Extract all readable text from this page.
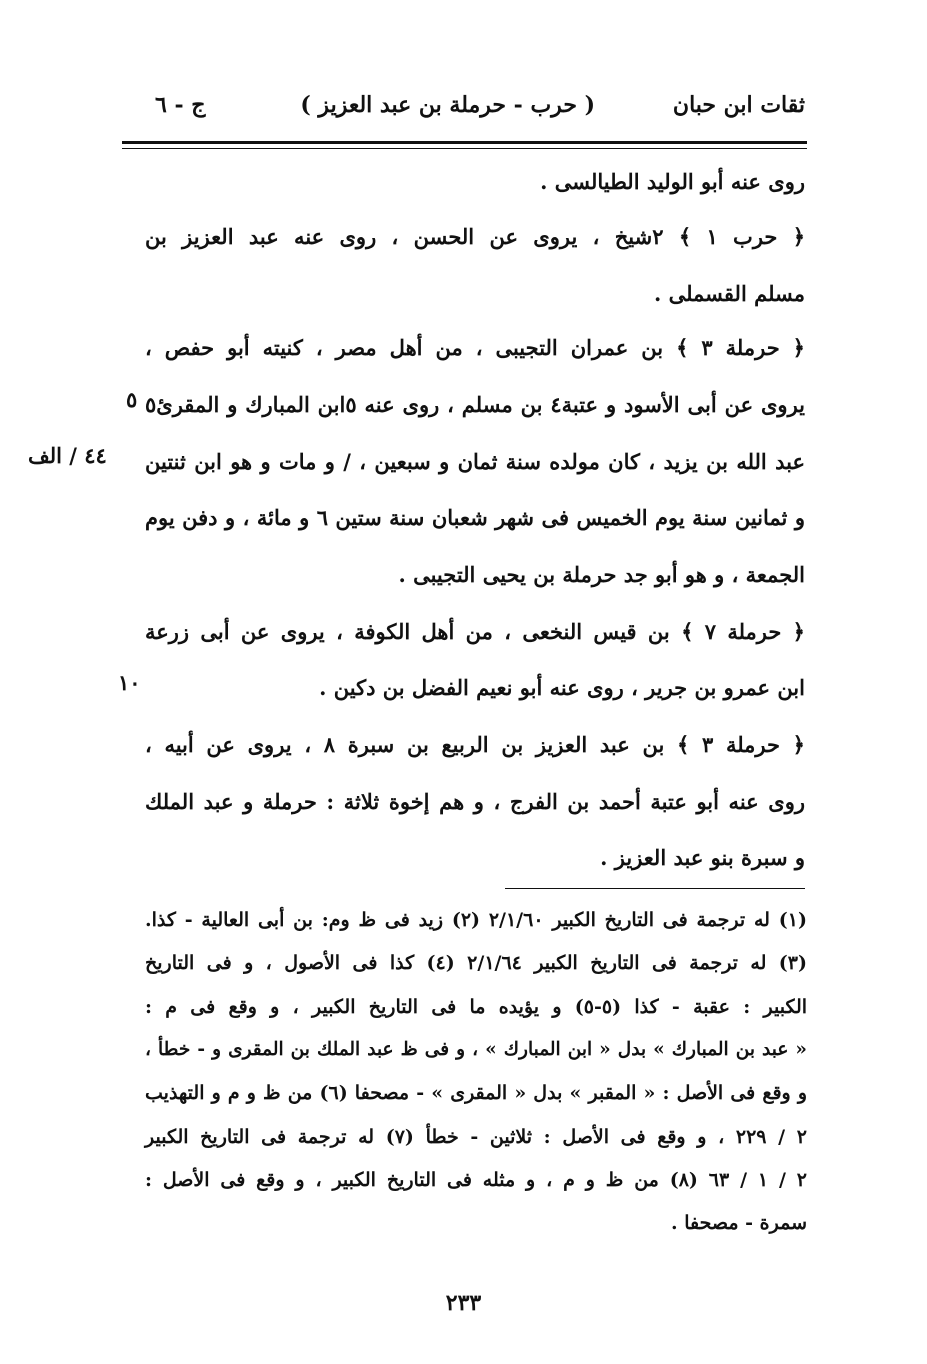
ثقات ابن حبان
( حرب - حرملة بن عبد العزيز )
ج - ٦
روى عنه أبو الوليد الطيالسى .
﴿ حرب ١ ﴾ ٢شيخ ، يروى عن الحسن ، روى عنه عبد العزيز بن
مسلم القسملى .
﴿ حرملة ٣ ﴾ بن عمران التجيبى ، من أهل مصر ، كنيته أبو حفص ،
يروى عن أبى الأسود و عتبة٤ بن مسلم ، روى عنه ٥ابن المبارك و المقرئ٥
عبد الله بن يزيد ، كان مولده سنة ثمان و سبعين ، / و مات و هو ابن ثنتين
و ثمانين سنة يوم الخميس فى شهر شعبان سنة ستين ٦ و مائة ، و دفن يوم
الجمعة ، و هو أبو جد حرملة بن يحيى التجيبى .
﴿ حرملة ٧ ﴾ بن قيس النخعى ، من أهل الكوفة ، يروى عن أبى زرعة
ابن عمرو بن جرير ، روى عنه أبو نعيم الفضل بن دكين .
﴿ حرملة ٣ ﴾ بن عبد العزيز بن الربيع بن سبرة ٨ ، يروى عن أبيه ،
روى عنه أبو عتبة أحمد بن الفرج ، و هم إخوة ثلاثة : حرملة و عبد الملك
و سبرة بنو عبد العزيز .
٥
١٠
٤٤ / الف
(١) له ترجمة فى التاريخ الكبير ٢/١/٦٠ (٢) زيد فى ظ وم: بن أبى العالية - كذا.
(٣) له ترجمة فى التاريخ الكبير ٢/١/٦٤ (٤) كذا فى الأصول ، و فى التاريخ
الكبير : عقبة - كذا (٥-٥) و يؤيده ما فى التاريخ الكبير ، و وقع فى م :
« عبد بن المبارك » بدل « ابن المبارك » ، و فى ظ عبد الملك بن المقرى و - خطأ ،
و وقع فى الأصل : « المقبر » بدل « المقرى » - مصحفا (٦) من ظ و م و التهذيب
٢ / ٢٢٩ ، و وقع فى الأصل : ثلاثين - خطأ (٧) له ترجمة فى التاريخ الكبير
٢ / ١ / ٦٣ (٨) من ظ و م ، و مثله فى التاريخ الكبير ، و وقع فى الأصل :
سمرة - مصحفا .
٢٣٣
